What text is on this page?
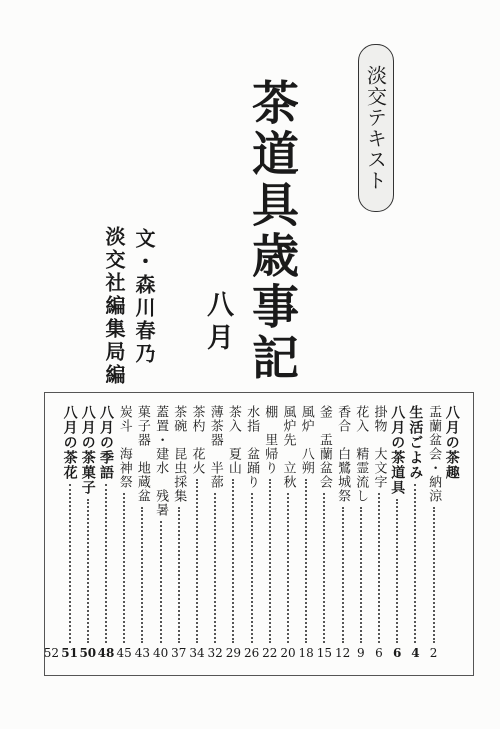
淡交テキスト
茶道具歳事記
八月
文・森川春乃
淡交社編集局編
八月の茶趣
盂蘭盆会・納涼
2
生活ごよみ
4
八月の茶道具
6
掛物　大文字
6
花入　精霊流し
9
香合　白鷺城祭
12
釜　盂蘭盆会
15
風炉　八朔
18
風炉先　立秋
20
棚　里帰り
22
水指　盆踊り
26
茶入　夏山
29
薄茶器　半蔀
32
茶杓　花火
34
茶碗　昆虫採集
37
蓋置・建水　残暑
40
菓子器　地蔵盆
43
炭斗　海神祭
45
八月の季語
48
八月の茶菓子
50
八月の茶花
51
52
